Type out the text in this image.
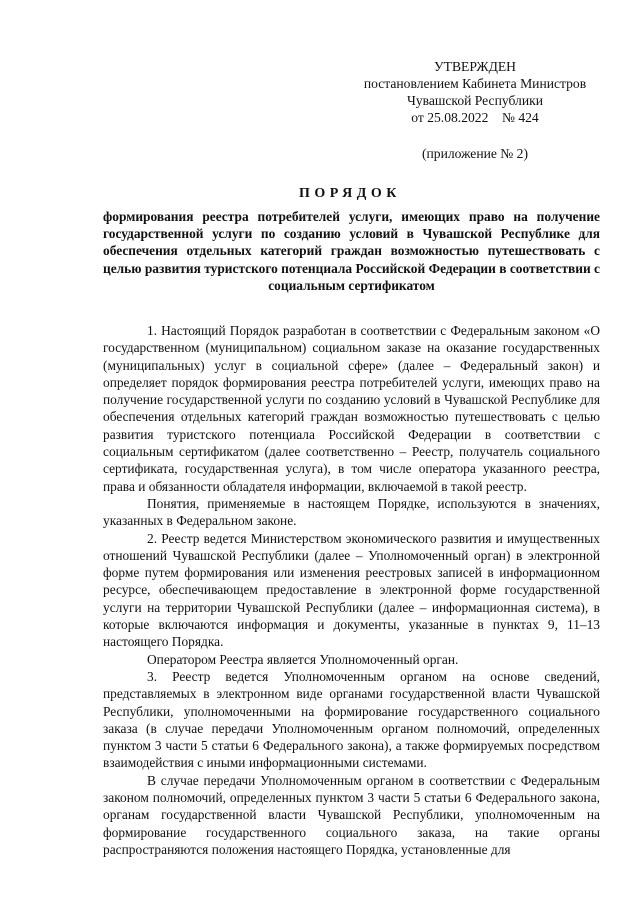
УТВЕРЖДЕН
постановлением Кабинета Министров
Чувашской Республики
от 25.08.2022    № 424
(приложение № 2)
ПОРЯДОК
формирования реестра потребителей услуги, имеющих право на получение государственной услуги по созданию условий в Чувашской Республике для обеспечения отдельных категорий граждан возможностью путешествовать с целью развития туристского потенциала Российской Федерации в соответствии с социальным сертификатом

1. Настоящий Порядок разработан в соответствии с Федеральным законом «О государственном (муниципальном) социальном заказе на оказание государственных (муниципальных) услуг в социальной сфере» (далее – Федеральный закон) и определяет порядок формирования реестра потребителей услуги, имеющих право на получение государственной услуги по созданию условий в Чувашской Республике для обеспечения отдельных категорий граждан возможностью путешествовать с целью развития туристского потенциала Российской Федерации в соответствии с социальным сертификатом (далее соответственно – Реестр, получатель социального сертификата, государственная услуга), в том числе оператора указанного реестра, права и обязанности обладателя информации, включаемой в такой реестр.

Понятия, применяемые в настоящем Порядке, используются в значениях, указанных в Федеральном законе.

2. Реестр ведется Министерством экономического развития и имущественных отношений Чувашской Республики (далее – Уполномоченный орган) в электронной форме путем формирования или изменения реестровых записей в информационном ресурсе, обеспечивающем предоставление в электронной форме государственной услуги на территории Чувашской Республики (далее – информационная система), в которые включаются информация и документы, указанные в пунктах 9, 11–13 настоящего Порядка.

Оператором Реестра является Уполномоченный орган.

3. Реестр ведется Уполномоченным органом на основе сведений, представляемых в электронном виде органами государственной власти Чувашской Республики, уполномоченными на формирование государственного социального заказа (в случае передачи Уполномоченным органом полномочий, определенных пунктом 3 части 5 статьи 6 Федерального закона), а также формируемых посредством взаимодействия с иными информационными системами.

В случае передачи Уполномоченным органом в соответствии с Федеральным законом полномочий, определенных пунктом 3 части 5 статьи 6 Федерального закона, органам государственной власти Чувашской Республики, уполномоченным на формирование государственного социального заказа, на такие органы распространяются положения настоящего Порядка, установленные для
